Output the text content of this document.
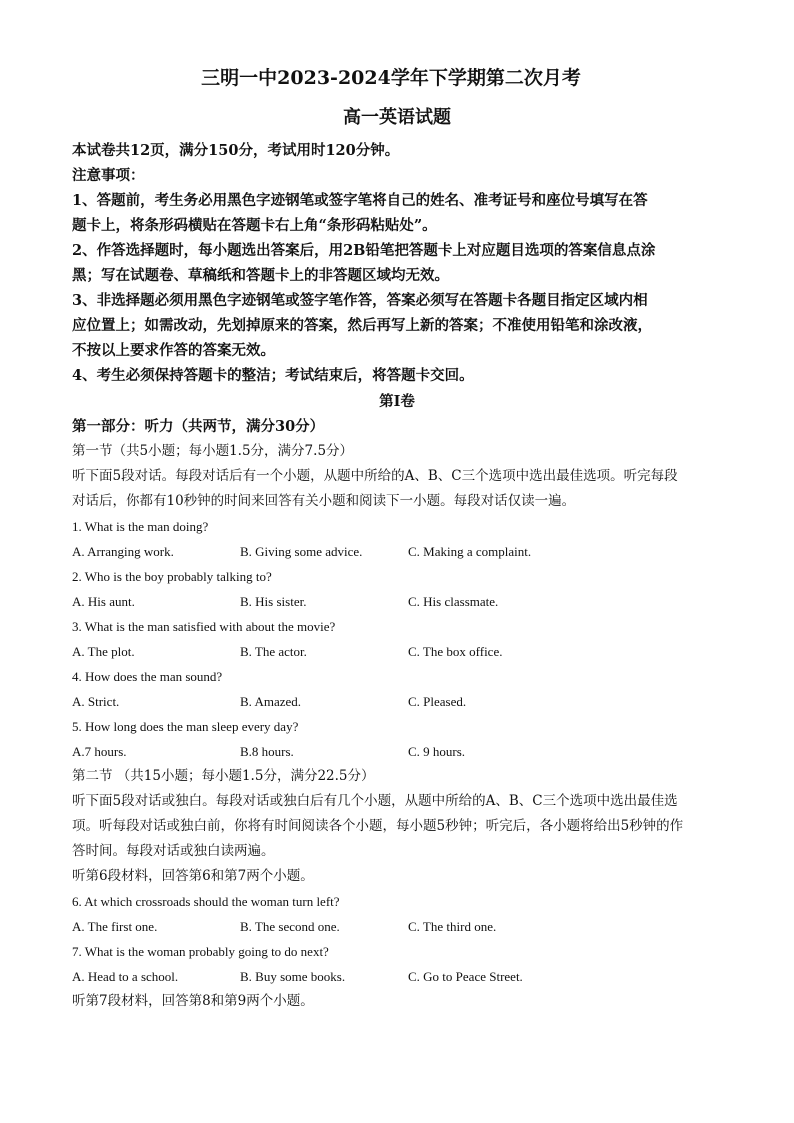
三明一中2023-2024学年下学期第二次月考
高一英语试题
本试卷共12页，满分150分，考试用时120分钟。
注意事项：
1、答题前，考生务必用黑色字迹钢笔或签字笔将自己的姓名、准考证号和座位号填写在答
题卡上，将条形码横贴在答题卡右上角“条形码粘贴处”。
2、作答选择题时，每小题选出答案后，用2B铅笔把答题卡上对应题目选项的答案信息点涂
黑；写在试题卷、草稿纸和答题卡上的非答题区域均无效。
3、非选择题必须用黑色字迹钢笔或签字笔作答，答案必须写在答题卡各题目指定区域内相
应位置上；如需改动，先划掉原来的答案，然后再写上新的答案；不准使用铅笔和涂改液，
不按以上要求作答的答案无效。
4、考生必须保持答题卡的整洁；考试结束后，将答题卡交回。
第Ⅰ卷
第一部分：听力（共两节，满分30分）
第一节（共5小题；每小题1.5分，满分7.5分）
听下面5段对话。每段对话后有一个小题，从题中所给的A、B、C三个选项中选出最佳选项。听完每段
对话后，你都有10秒钟的时间来回答有关小题和阅读下一小题。每段对话仅读一遍。
1. What is the man doing?
A. Arranging work.	B. Giving some advice.	C. Making a complaint.
2. Who is the boy probably talking to?
A. His aunt.	B. His sister.	C. His classmate.
3. What is the man satisfied with about the movie?
A. The plot.	B. The actor.	C. The box office.
4. How does the man sound?
A. Strict.	B. Amazed.	C. Pleased.
5. How long does the man sleep every day?
A.7 hours.	B.8 hours.	C. 9 hours.
第二节 （共15小题；每小题1.5分，满分22.5分）
听下面5段对话或独白。每段对话或独白后有几个小题，从题中所给的A、B、C三个选项中选出最佳选
项。听每段对话或独白前，你将有时间阅读各个小题，每小题5秒钟；听完后，各小题将给出5秒钟的作
答时间。每段对话或独白读两遍。
听第6段材料，回答第6和第7两个小题。
6. At which crossroads should the woman turn left?
A. The first one.	B. The second one.	C. The third one.
7. What is the woman probably going to do next?
A. Head to a school.	B. Buy some books.	C. Go to Peace Street.
听第7段材料，回答第8和第9两个小题。
